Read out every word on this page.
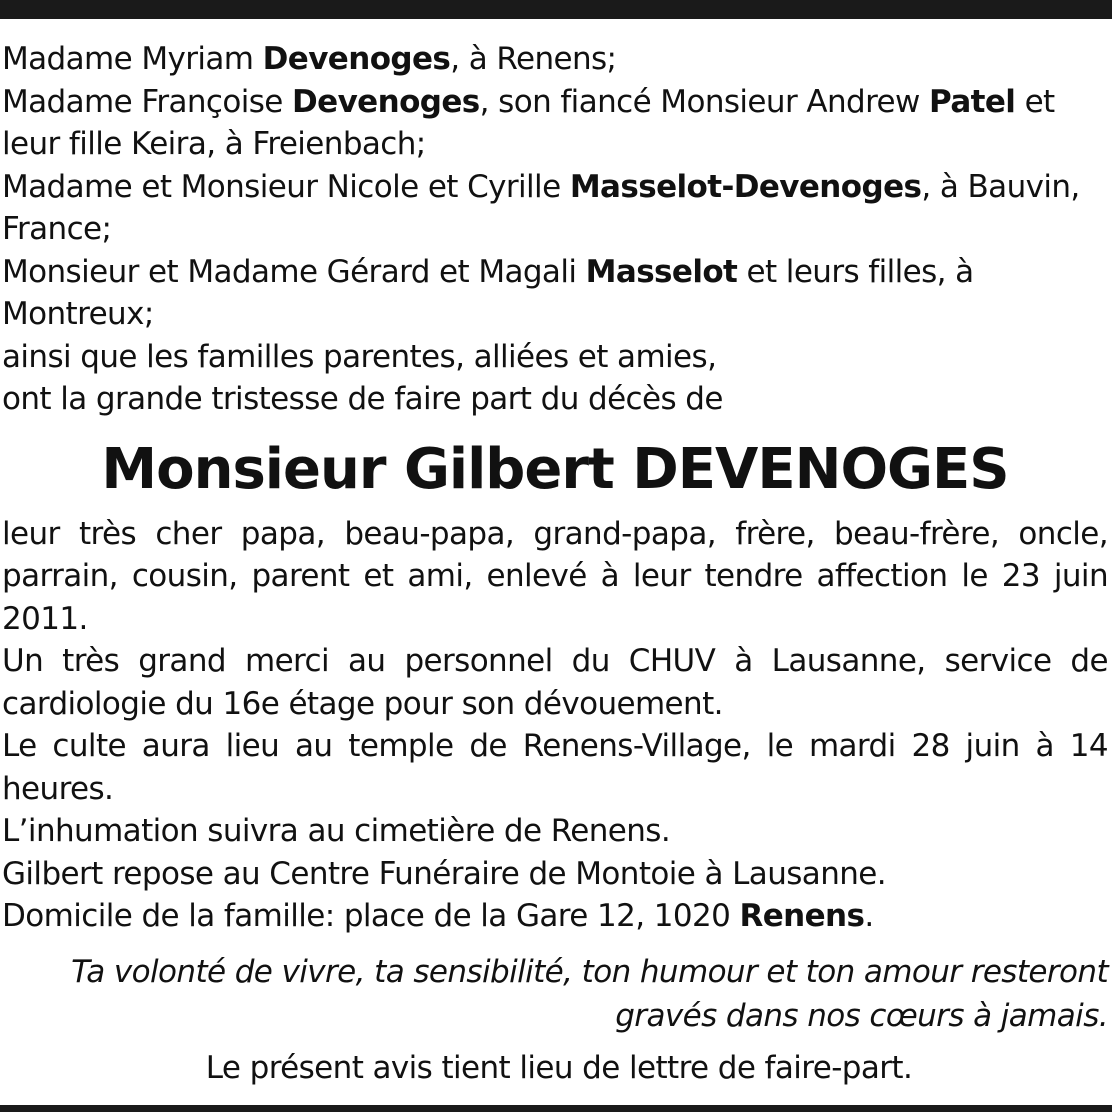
Madame Myriam Devenoges, à Renens;

Madame Françoise Devenoges, son fiancé Monsieur Andrew Patel et leur fille Keira, à Freienbach;

Madame et Monsieur Nicole et Cyrille Masselot-Devenoges, à Bauvin, France;

Monsieur et Madame Gérard et Magali Masselot et leurs filles, à Montreux;

ainsi que les familles parentes, alliées et amies,

ont la grande tristesse de faire part du décès de

Monsieur Gilbert DEVENOGES

leur très cher papa, beau-papa, grand-papa, frère, beau-frère, oncle, parrain, cousin, parent et ami, enlevé à leur tendre affection le 23 juin 2011.

Un très grand merci au personnel du CHUV à Lausanne, service de cardiologie du 16e étage pour son dévouement.

Le culte aura lieu au temple de Renens-Village, le mardi 28 juin à 14 heures.

L’inhumation suivra au cimetière de Renens.

Gilbert repose au Centre Funéraire de Montoie à Lausanne.

Domicile de la famille: place de la Gare 12, 1020 Renens.

Ta volonté de vivre, ta sensibilité, ton humour et ton amour resteront
gravés dans nos cœurs à jamais.
Le présent avis tient lieu de lettre de faire-part.
